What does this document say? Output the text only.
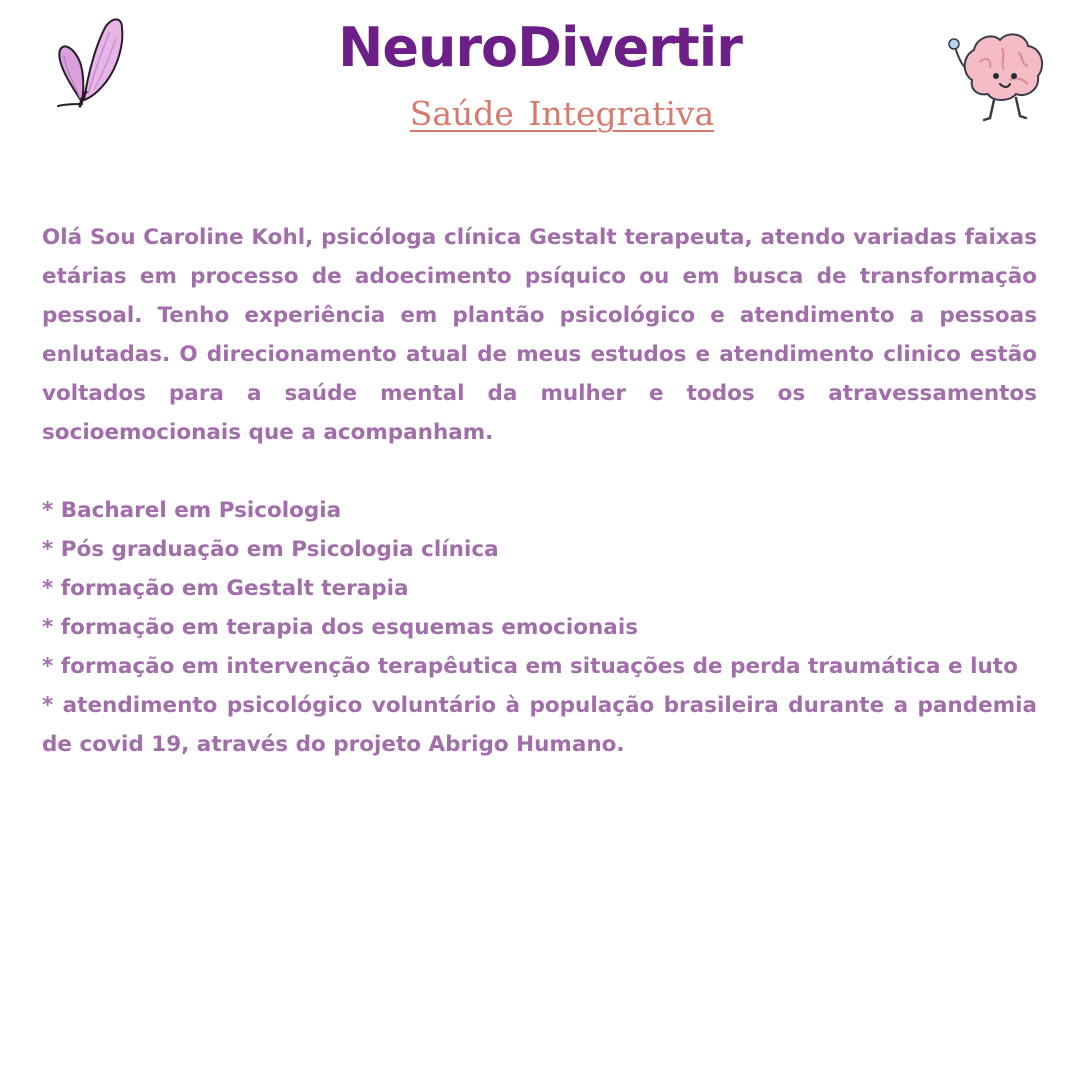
NeuroDivertir
Saúde Integrativa

Olá Sou Caroline Kohl, psicóloga clínica Gestalt terapeuta, atendo variadas faixas etárias em processo de adoecimento psíquico ou em busca de transformação pessoal. Tenho experiência em plantão psicológico e atendimento a pessoas enlutadas. O direcionamento atual de meus estudos e atendimento clinico estão voltados para a saúde mental da mulher e todos os atravessamentos socioemocionais que a acompanham.

* Bacharel em Psicologia
* Pós graduação em Psicologia clínica
* formação em Gestalt terapia
* formação em terapia dos esquemas emocionais
* formação em intervenção terapêutica em situações de perda traumática e luto
* atendimento psicológico voluntário à população brasileira durante a pandemia de covid 19, através do projeto Abrigo Humano.
